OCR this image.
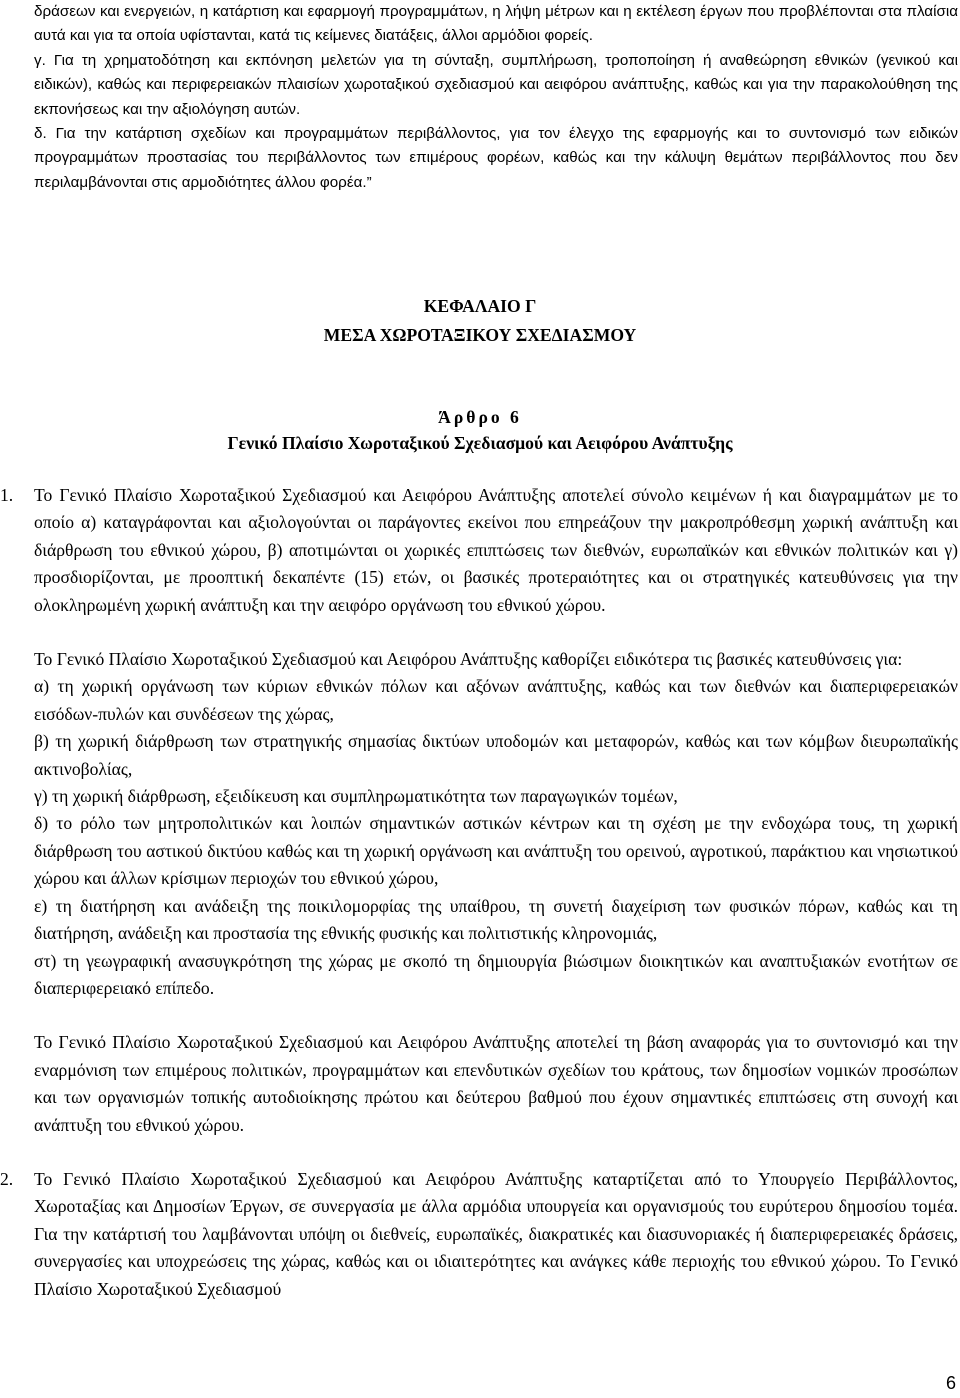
δράσεων και ενεργειών, η κατάρτιση και εφαρμογή προγραμμάτων, η λήψη μέτρων και η εκτέλεση έργων που προβλέπονται στα πλαίσια αυτά και για τα οποία υφίστανται, κατά τις κείμενες διατάξεις, άλλοι αρμόδιοι φορείς.

γ. Για τη χρηματοδότηση και εκπόνηση μελετών για τη σύνταξη, συμπλήρωση, τροποποίηση ή αναθεώρηση εθνικών (γενικού και ειδικών), καθώς και περιφερειακών πλαισίων χωροταξικού σχεδιασμού και αειφόρου ανάπτυξης, καθώς και για την παρακολούθηση της εκπονήσεως και την αξιολόγηση αυτών.

δ. Για την κατάρτιση σχεδίων και προγραμμάτων περιβάλλοντος, για τον έλεγχο της εφαρμογής και το συντονισμό των ειδικών προγραμμάτων προστασίας του περιβάλλοντος των επιμέρους φορέων, καθώς και την κάλυψη θεμάτων περιβάλλοντος που δεν περιλαμβάνονται στις αρμοδιότητες άλλου φορέα.”

ΚΕΦΑΛΑΙΟ Γ
ΜΕΣΑ ΧΩΡΟΤΑΞΙΚΟΥ ΣΧΕΔΙΑΣΜΟΥ
Άρθρο 6
Γενικό Πλαίσιο Χωροταξικού Σχεδιασμού και Αειφόρου Ανάπτυξης
1. Το Γενικό Πλαίσιο Χωροταξικού Σχεδιασμού και Αειφόρου Ανάπτυξης αποτελεί σύνολο κειμένων ή και διαγραμμάτων με το οποίο α) καταγράφονται και αξιολογούνται οι παράγοντες εκείνοι που επηρεάζουν την μακροπρόθεσμη χωρική ανάπτυξη και διάρθρωση του εθνικού χώρου, β) αποτιμώνται οι χωρικές επιπτώσεις των διεθνών, ευρωπαϊκών και εθνικών πολιτικών και γ) προσδιορίζονται, με προοπτική δεκαπέντε (15) ετών, οι βασικές προτεραιότητες και οι στρατηγικές κατευθύνσεις για την ολοκληρωμένη χωρική ανάπτυξη και την αειφόρο οργάνωση του εθνικού χώρου.

Το Γενικό Πλαίσιο Χωροταξικού Σχεδιασμού και Αειφόρου Ανάπτυξης καθορίζει ειδικότερα τις βασικές κατευθύνσεις για:

α) τη χωρική οργάνωση των κύριων εθνικών πόλων και αξόνων ανάπτυξης, καθώς και των διεθνών και διαπεριφερειακών εισόδων-πυλών και συνδέσεων της χώρας,

β) τη χωρική διάρθρωση των στρατηγικής σημασίας δικτύων υποδομών και μεταφορών, καθώς και των κόμβων διευρωπαϊκής ακτινοβολίας,

γ) τη χωρική διάρθρωση, εξειδίκευση και συμπληρωματικότητα των παραγωγικών τομέων,

δ) το ρόλο των μητροπολιτικών και λοιπών σημαντικών αστικών κέντρων και τη σχέση με την ενδοχώρα τους, τη χωρική διάρθρωση του αστικού δικτύου καθώς και τη χωρική οργάνωση και ανάπτυξη του ορεινού, αγροτικού, παράκτιου και νησιωτικού χώρου και άλλων κρίσιμων περιοχών του εθνικού χώρου,

ε) τη διατήρηση και ανάδειξη της ποικιλομορφίας της υπαίθρου, τη συνετή διαχείριση των φυσικών πόρων, καθώς και τη διατήρηση, ανάδειξη και προστασία της εθνικής φυσικής και πολιτιστικής κληρονομιάς,

στ) τη γεωγραφική ανασυγκρότηση της χώρας με σκοπό τη δημιουργία βιώσιμων διοικητικών και αναπτυξιακών ενοτήτων σε διαπεριφερειακό επίπεδο.

Το Γενικό Πλαίσιο Χωροταξικού Σχεδιασμού και Αειφόρου Ανάπτυξης αποτελεί τη βάση αναφοράς για το συντονισμό και την εναρμόνιση των επιμέρους πολιτικών, προγραμμάτων και επενδυτικών σχεδίων του κράτους, των δημοσίων νομικών προσώπων και των οργανισμών τοπικής αυτοδιοίκησης πρώτου και δεύτερου βαθμού που έχουν σημαντικές επιπτώσεις στη συνοχή και ανάπτυξη του εθνικού χώρου.

2. Το Γενικό Πλαίσιο Χωροταξικού Σχεδιασμού και Αειφόρου Ανάπτυξης καταρτίζεται από το Υπουργείο Περιβάλλοντος, Χωροταξίας και Δημοσίων Έργων, σε συνεργασία με άλλα αρμόδια υπουργεία και οργανισμούς του ευρύτερου δημοσίου τομέα. Για την κατάρτισή του λαμβάνονται υπόψη οι διεθνείς, ευρωπαϊκές, διακρατικές και διασυνοριακές ή διαπεριφερειακές δράσεις, συνεργασίες και υποχρεώσεις της χώρας, καθώς και οι ιδιαιτερότητες και ανάγκες κάθε περιοχής του εθνικού χώρου. Το Γενικό Πλαίσιο Χωροταξικού Σχεδιασμού

6
